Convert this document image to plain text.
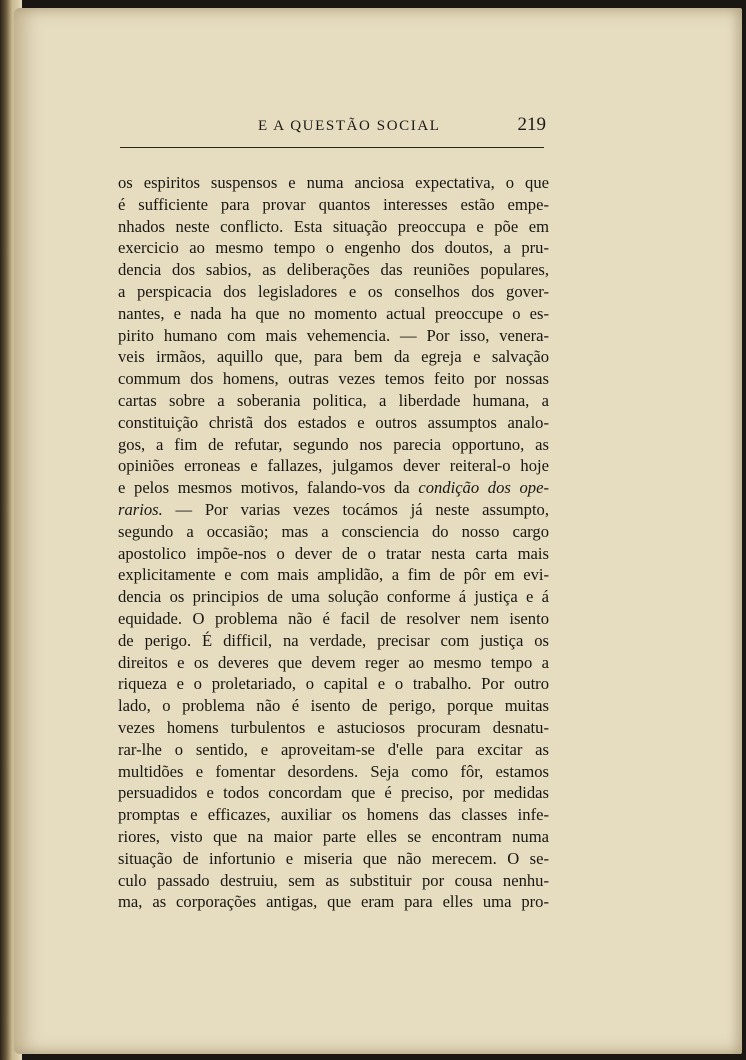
E A QUESTÃO SOCIAL	219
os espiritos suspensos e numa anciosa expectativa, o que
é sufficiente para provar quantos interesses estão empe-
nhados neste conflicto. Esta situação preoccupa e põe em
exercicio ao mesmo tempo o engenho dos doutos, a pru-
dencia dos sabios, as deliberações das reuniões populares,
a perspicacia dos legisladores e os conselhos dos gover-
nantes, e nada ha que no momento actual preoccupe o es-
pirito humano com mais vehemencia. — Por isso, venera-
veis irmãos, aquillo que, para bem da egreja e salvação
commum dos homens, outras vezes temos feito por nossas
cartas sobre a soberania politica, a liberdade humana, a
constituição christã dos estados e outros assumptos analo-
gos, a fim de refutar, segundo nos parecia opportuno, as
opiniões erroneas e fallazes, julgamos dever reiteral-o hoje
e pelos mesmos motivos, falando-vos da condição dos ope-
rarios. — Por varias vezes tocámos já neste assumpto,
segundo a occasião; mas a consciencia do nosso cargo
apostolico impõe-nos o dever de o tratar nesta carta mais
explicitamente e com mais amplidão, a fim de pôr em evi-
dencia os principios de uma solução conforme á justiça e á
equidade. O problema não é facil de resolver nem isento
de perigo. É difficil, na verdade, precisar com justiça os
direitos e os deveres que devem reger ao mesmo tempo a
riqueza e o proletariado, o capital e o trabalho. Por outro
lado, o problema não é isento de perigo, porque muitas
vezes homens turbulentos e astuciosos procuram desnatu-
rar-lhe o sentido, e aproveitam-se d'elle para excitar as
multidões e fomentar desordens. Seja como fôr, estamos
persuadidos e todos concordam que é preciso, por medidas
promptas e efficazes, auxiliar os homens das classes infe-
riores, visto que na maior parte elles se encontram numa
situação de infortunio e miseria que não merecem. O se-
culo passado destruiu, sem as substituir por cousa nenhu-
ma, as corporações antigas, que eram para elles uma pro-
